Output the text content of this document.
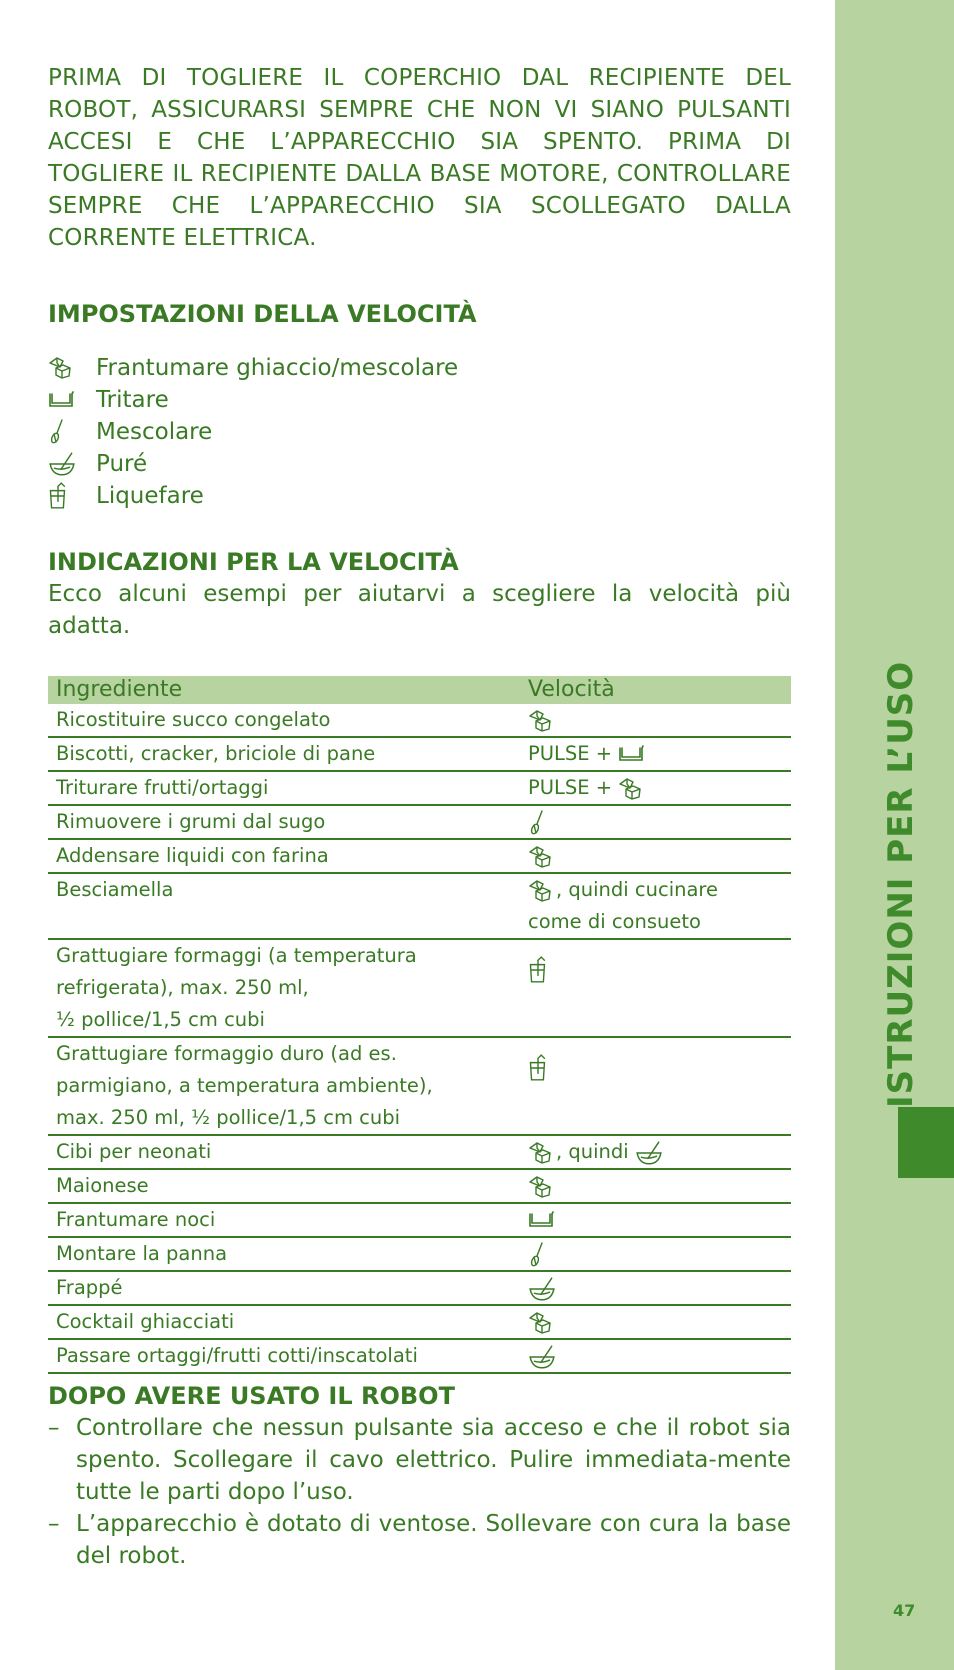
ISTRUZIONI PER L’USO
47

PRIMA DI TOGLIERE IL COPERCHIO DAL RECIPIENTE DEL ROBOT, ASSICURARSI SEMPRE CHE NON VI SIANO PULSANTI ACCESI E CHE L’APPARECCHIO SIA SPENTO. PRIMA DI TOGLIERE IL RECIPIENTE DALLA BASE MOTORE, CONTROLLARE SEMPRE CHE L’APPARECCHIO SIA SCOLLEGATO DALLA CORRENTE ELETTRICA.

IMPOSTAZIONI DELLA VELOCITÀ
Frantumare ghiaccio/mescolare
Tritare
Mescolare
Puré
Liquefare
INDICAZIONI PER LA VELOCITÀ

Ecco alcuni esempi per aiutarvi a scegliere la velocità più adatta.

Ingrediente	Velocità
Ricostituire succo congelato	
Biscotti, cracker, briciole di pane	PULSE +
Triturare frutti/ortaggi	PULSE +
Rimuovere i grumi dal sugo	
Addensare liquidi con farina	
Besciamella	, quindi cucinare
come di consueto
Grattugiare formaggi (a temperatura
refrigerata), max. 250 ml,
½ pollice/1,5 cm cubi	
Grattugiare formaggio duro (ad es.
parmigiano, a temperatura ambiente),
max. 250 ml, ½ pollice/1,5 cm cubi	
Cibi per neonati	, quindi
Maionese	
Frantumare noci	
Montare la panna	
Frappé	
Cocktail ghiacciati	
Passare ortaggi/frutti cotti/inscatolati	
DOPO AVERE USATO IL ROBOT
– Controllare che nessun pulsante sia acceso e che il robot sia spento. Scollegare il cavo elettrico. Pulire immediata-mente tutte le parti dopo l’uso.
– L’apparecchio è dotato di ventose. Sollevare con cura la base del robot.
